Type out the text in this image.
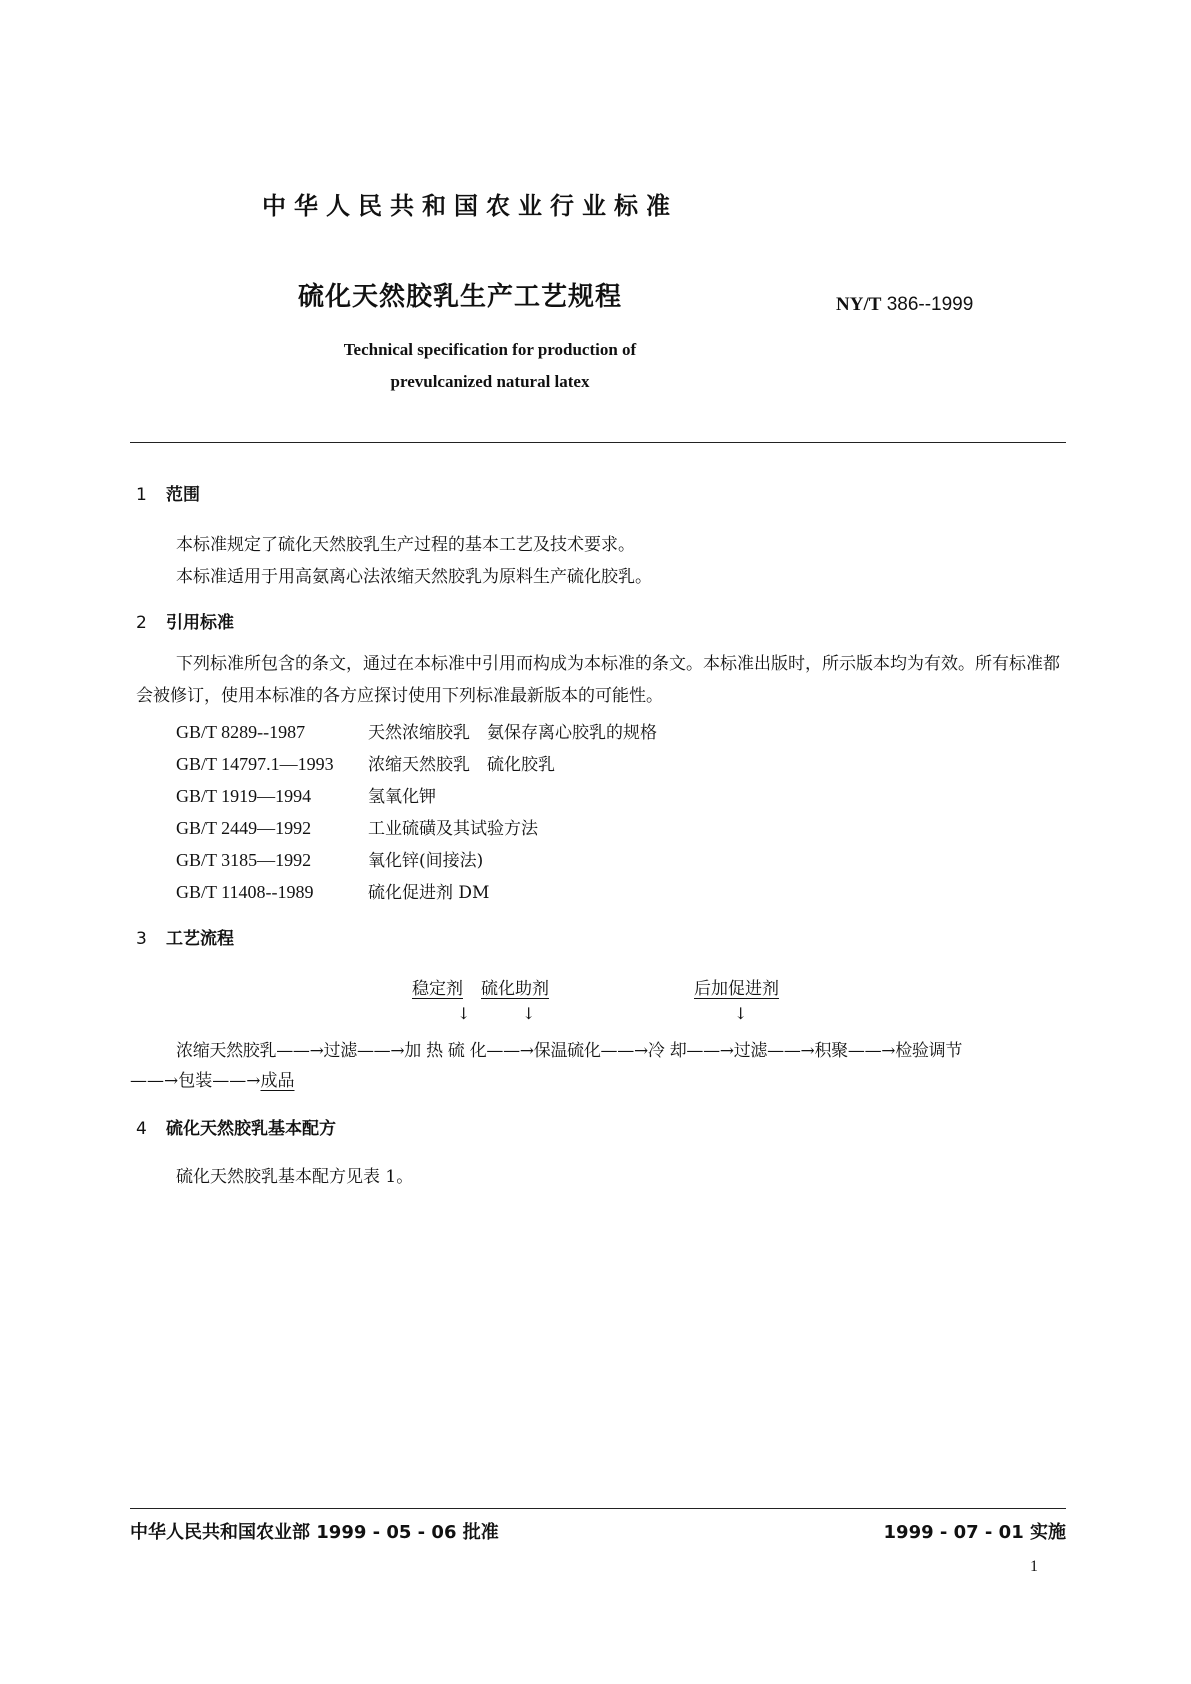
中华人民共和国农业行业标准
硫化天然胶乳生产工艺规程	NY/T 386--1999
Technical specification for production of
prevulcanized natural latex
1 范围
本标准规定了硫化天然胶乳生产过程的基本工艺及技术要求。
本标准适用于用高氨离心法浓缩天然胶乳为原料生产硫化胶乳。
2 引用标准
下列标准所包含的条文，通过在本标准中引用而构成为本标准的条文。本标准出版时，所示版本均为有效。所有标准都会被修订，使用本标准的各方应探讨使用下列标准最新版本的可能性。
GB/T 8289--1987	天然浓缩胶乳　氨保存离心胶乳的规格
GB/T 14797.1—1993 浓缩天然胶乳　硫化胶乳
GB/T 1919—1994	氢氧化钾
GB/T 2449—1992	工业硫磺及其试验方法
GB/T 3185—1992	氧化锌(间接法)
GB/T 11408--1989	硫化促进剂 DM
3 工艺流程
稳定剂 硫化助剂	后加促进剂
↓	↓	↓
浓缩天然胶乳——→过滤——→加 热 硫 化——→保温硫化——→冷 却——→过滤——→积聚——→检验调节
——→包装——→成品
4 硫化天然胶乳基本配方
硫化天然胶乳基本配方见表 1。
中华人民共和国农业部 1999 - 05 - 06 批准	1999 - 07 - 01 实施
1
